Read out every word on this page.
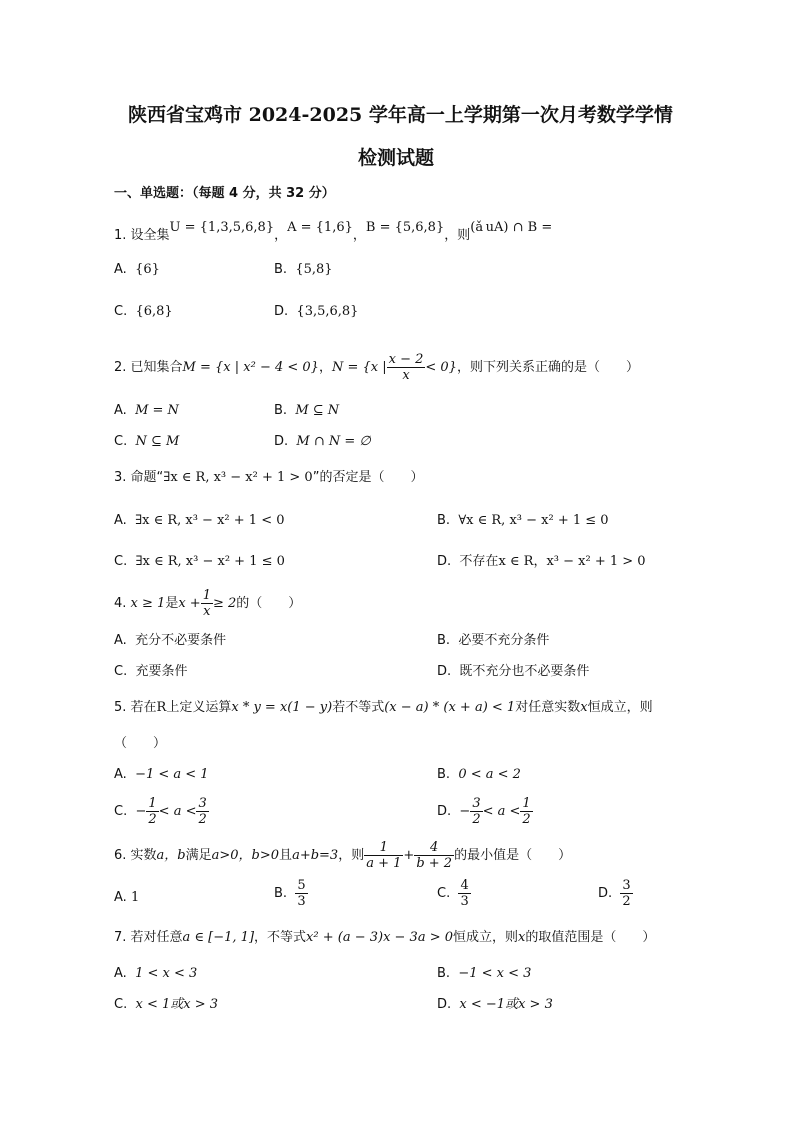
陕西省宝鸡市 2024-2025 学年高一上学期第一次月考数学学情
检测试题
一、单选题：（每题 4 分，共 32 分）
1. 设全集U = {1,3,5,6,8}，A = {1,6}，B = {5,6,8}，则(ǎ uA) ∩ B =
A. {6}	B. {5,8}
C. {6,8}	D. {3,5,6,8}
2. 已知集合M = {x | x² − 4 < 0}，N = {x | $\frac{x - 2}{x} < 0$}，则下列关系正确的是（　　）
A. M = N	B. M ⊆ N
C. N ⊆ M	D. M ∩ N = ∅
3. 命题“∃x ∈ R, x³ − x² + 1 > 0”的否定是（　　）
A. ∃x ∈ R, x³ − x² + 1 < 0	B. ∀x ∈ R, x³ − x² + 1 ≤ 0
C. ∃x ∈ R, x³ − x² + 1 ≤ 0	D. 不存在x ∈ R，x³ − x² + 1 > 0
4. x ≥ 1是$x + \frac{1}{x} \ge 2$的（　　）
A. 充分不必要条件	B. 必要不充分条件
C. 充要条件	D. 既不充分也不必要条件
5. 若在R上定义运算x * y = x(1 − y)若不等式(x − a) * (x + a) < 1对任意实数x恒成立，则
（　　）
A. −1 < a < 1	B. 0 < a < 2
C. − $\frac{1}{2} < a < \frac{3}{2}$	D. − $\frac{3}{2} < a < \frac{1}{2}$
6. 实数a，b满足a>0，b>0且a+b=3，则 $\frac{1}{a + 1} + \frac{4}{b + 2}$ 的最小值是（　　）
A. 1	B. $\frac{5}{3}$	C. $\frac{4}{3}$	D. $\frac{3}{2}$
7. 若对任意a ∈ [−1, 1]，不等式x² + (a − 3)x − 3a > 0恒成立，则x的取值范围是（　　）
A. 1 < x < 3	B. −1 < x < 3
C. x < 1或x > 3	D. x < −1或x > 3
